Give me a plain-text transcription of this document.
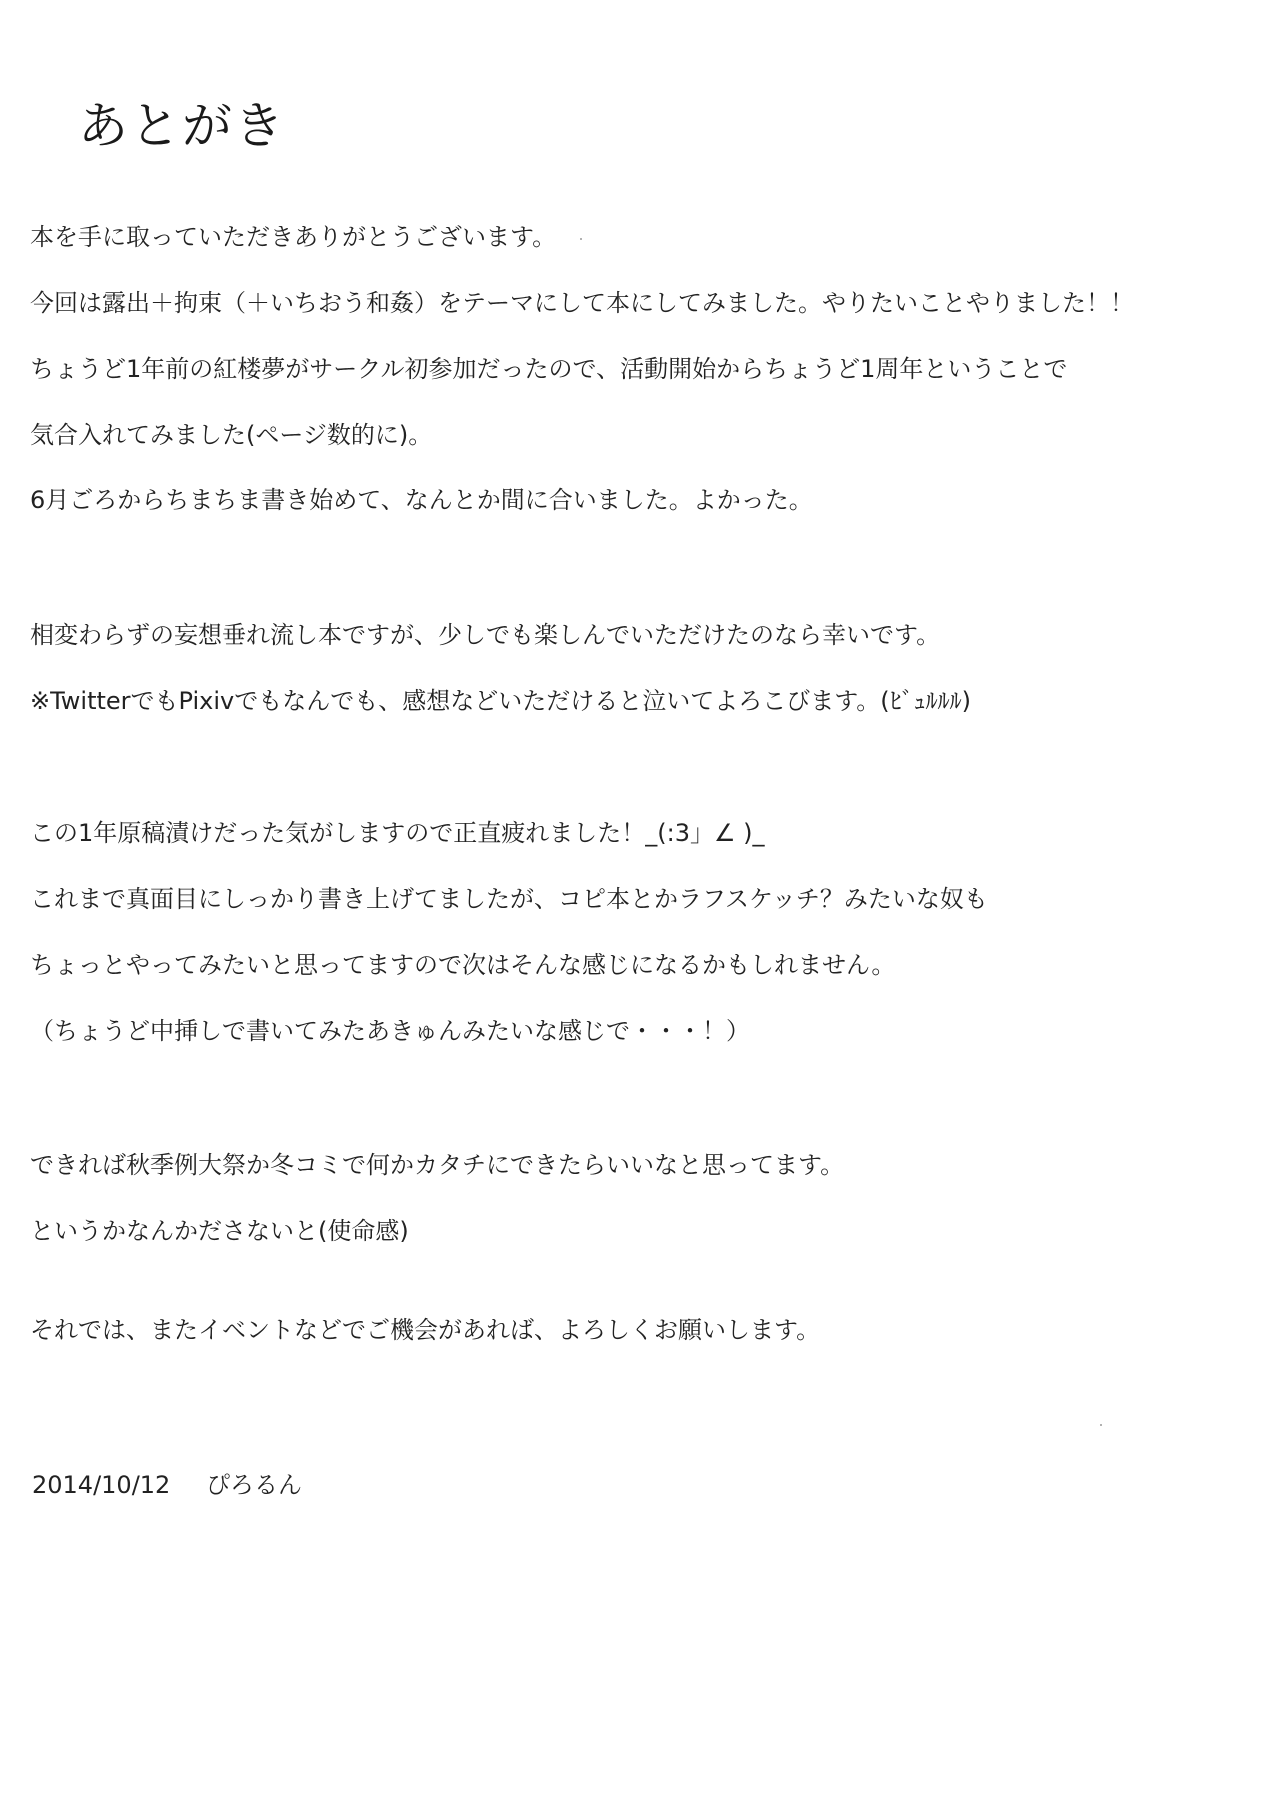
あとがき

本を手に取っていただきありがとうございます。

今回は露出＋拘束（＋いちおう和姦）をテーマにして本にしてみました。やりたいことやりました！！

ちょうど1年前の紅楼夢がサークル初参加だったので、活動開始からちょうど1周年ということで

気合入れてみました(ページ数的に)。

6月ごろからちまちま書き始めて、なんとか間に合いました。よかった。

相変わらずの妄想垂れ流し本ですが、少しでも楽しんでいただけたのなら幸いです。

※TwitterでもPixivでもなんでも、感想などいただけると泣いてよろこびます。(ﾋﾞｭﾙﾙﾙ)

この1年原稿漬けだった気がしますので正直疲れました！_(:3」∠ )_

これまで真面目にしっかり書き上げてましたが、コピ本とかラフスケッチ？みたいな奴も

ちょっとやってみたいと思ってますので次はそんな感じになるかもしれません。

（ちょうど中挿しで書いてみたあきゅんみたいな感じで・・・！）

できれば秋季例大祭か冬コミで何かカタチにできたらいいなと思ってます。

というかなんかださないと(使命感)

それでは、またイベントなどでご機会があれば、よろしくお願いします。

2014/10/12 ぴろるん
